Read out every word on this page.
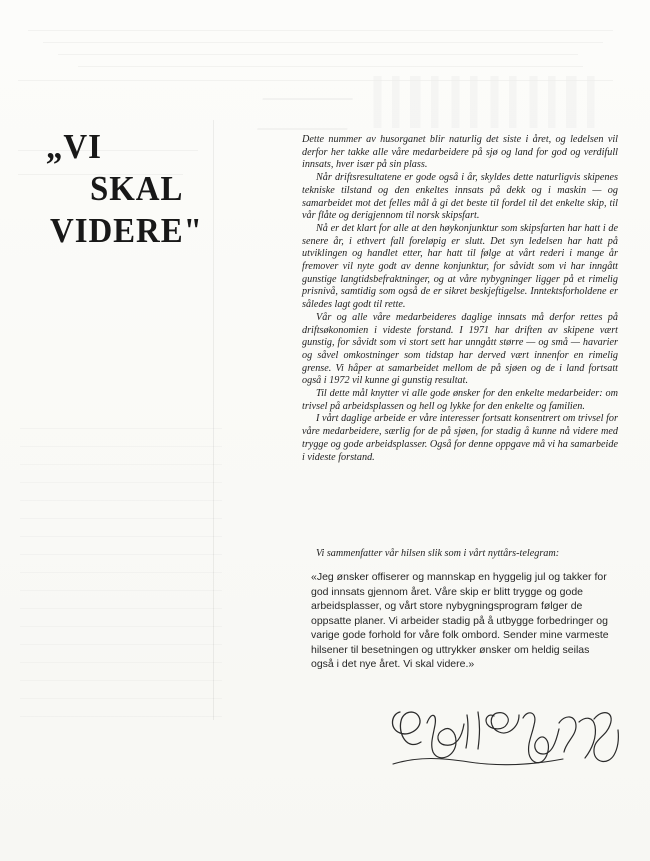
„VI
SKAL
VIDERE"

Dette nummer av husorganet blir naturlig det siste i året, og ledelsen vil derfor her takke alle våre medarbeidere på sjø og land for god og verdifull innsats, hver især på sin plass.

Når driftsresultatene er gode også i år, skyldes dette naturligvis skipenes tekniske tilstand og den enkeltes innsats på dekk og i maskin — og samarbeidet mot det felles mål å gi det beste til fordel til det enkelte skip, til vår flåte og derigjennom til norsk skipsfart.

Nå er det klart for alle at den høykonjunktur som skipsfarten har hatt i de senere år, i ethvert fall foreløpig er slutt. Det syn ledelsen har hatt på utviklingen og handlet etter, har hatt til følge at vårt rederi i mange år fremover vil nyte godt av denne konjunktur, for såvidt som vi har inngått gunstige langtidsbefraktninger, og at våre nybygninger ligger på et rimelig prisnivå, samtidig som også de er sikret beskjeftigelse. Inntektsforholdene er således lagt godt til rette.

Vår og alle våre medarbeideres daglige innsats må derfor rettes på driftsøkonomien i videste forstand. I 1971 har driften av skipene vært gunstig, for såvidt som vi stort sett har unngått større — og små — havarier og såvel omkostninger som tidstap har derved vært innenfor en rimelig grense. Vi håper at samarbeidet mellom de på sjøen og de i land fortsatt også i 1972 vil kunne gi gunstig resultat.

Til dette mål knytter vi alle gode ønsker for den enkelte medarbeider: om trivsel på arbeidsplassen og hell og lykke for den enkelte og familien.

I vårt daglige arbeide er våre interesser fortsatt konsentrert om trivsel for våre medarbeidere, særlig for de på sjøen, for stadig å kunne nå videre med trygge og gode arbeidsplasser. Også for denne oppgave må vi ha samarbeide i videste forstand.

Vi sammenfatter vår hilsen slik som i vårt nyttårs-telegram:
«Jeg ønsker offiserer og mannskap en hyggelig jul og takker for god innsats gjennom året. Våre skip er blitt trygge og gode arbeidsplasser, og vårt store nybygningsprogram følger de oppsatte planer. Vi arbeider stadig på å utbygge forbedringer og varige gode forhold for våre folk ombord. Sender mine varmeste hilsener til besetningen og uttrykker ønsker om heldig seilas også i det nye året. Vi skal videre.»
